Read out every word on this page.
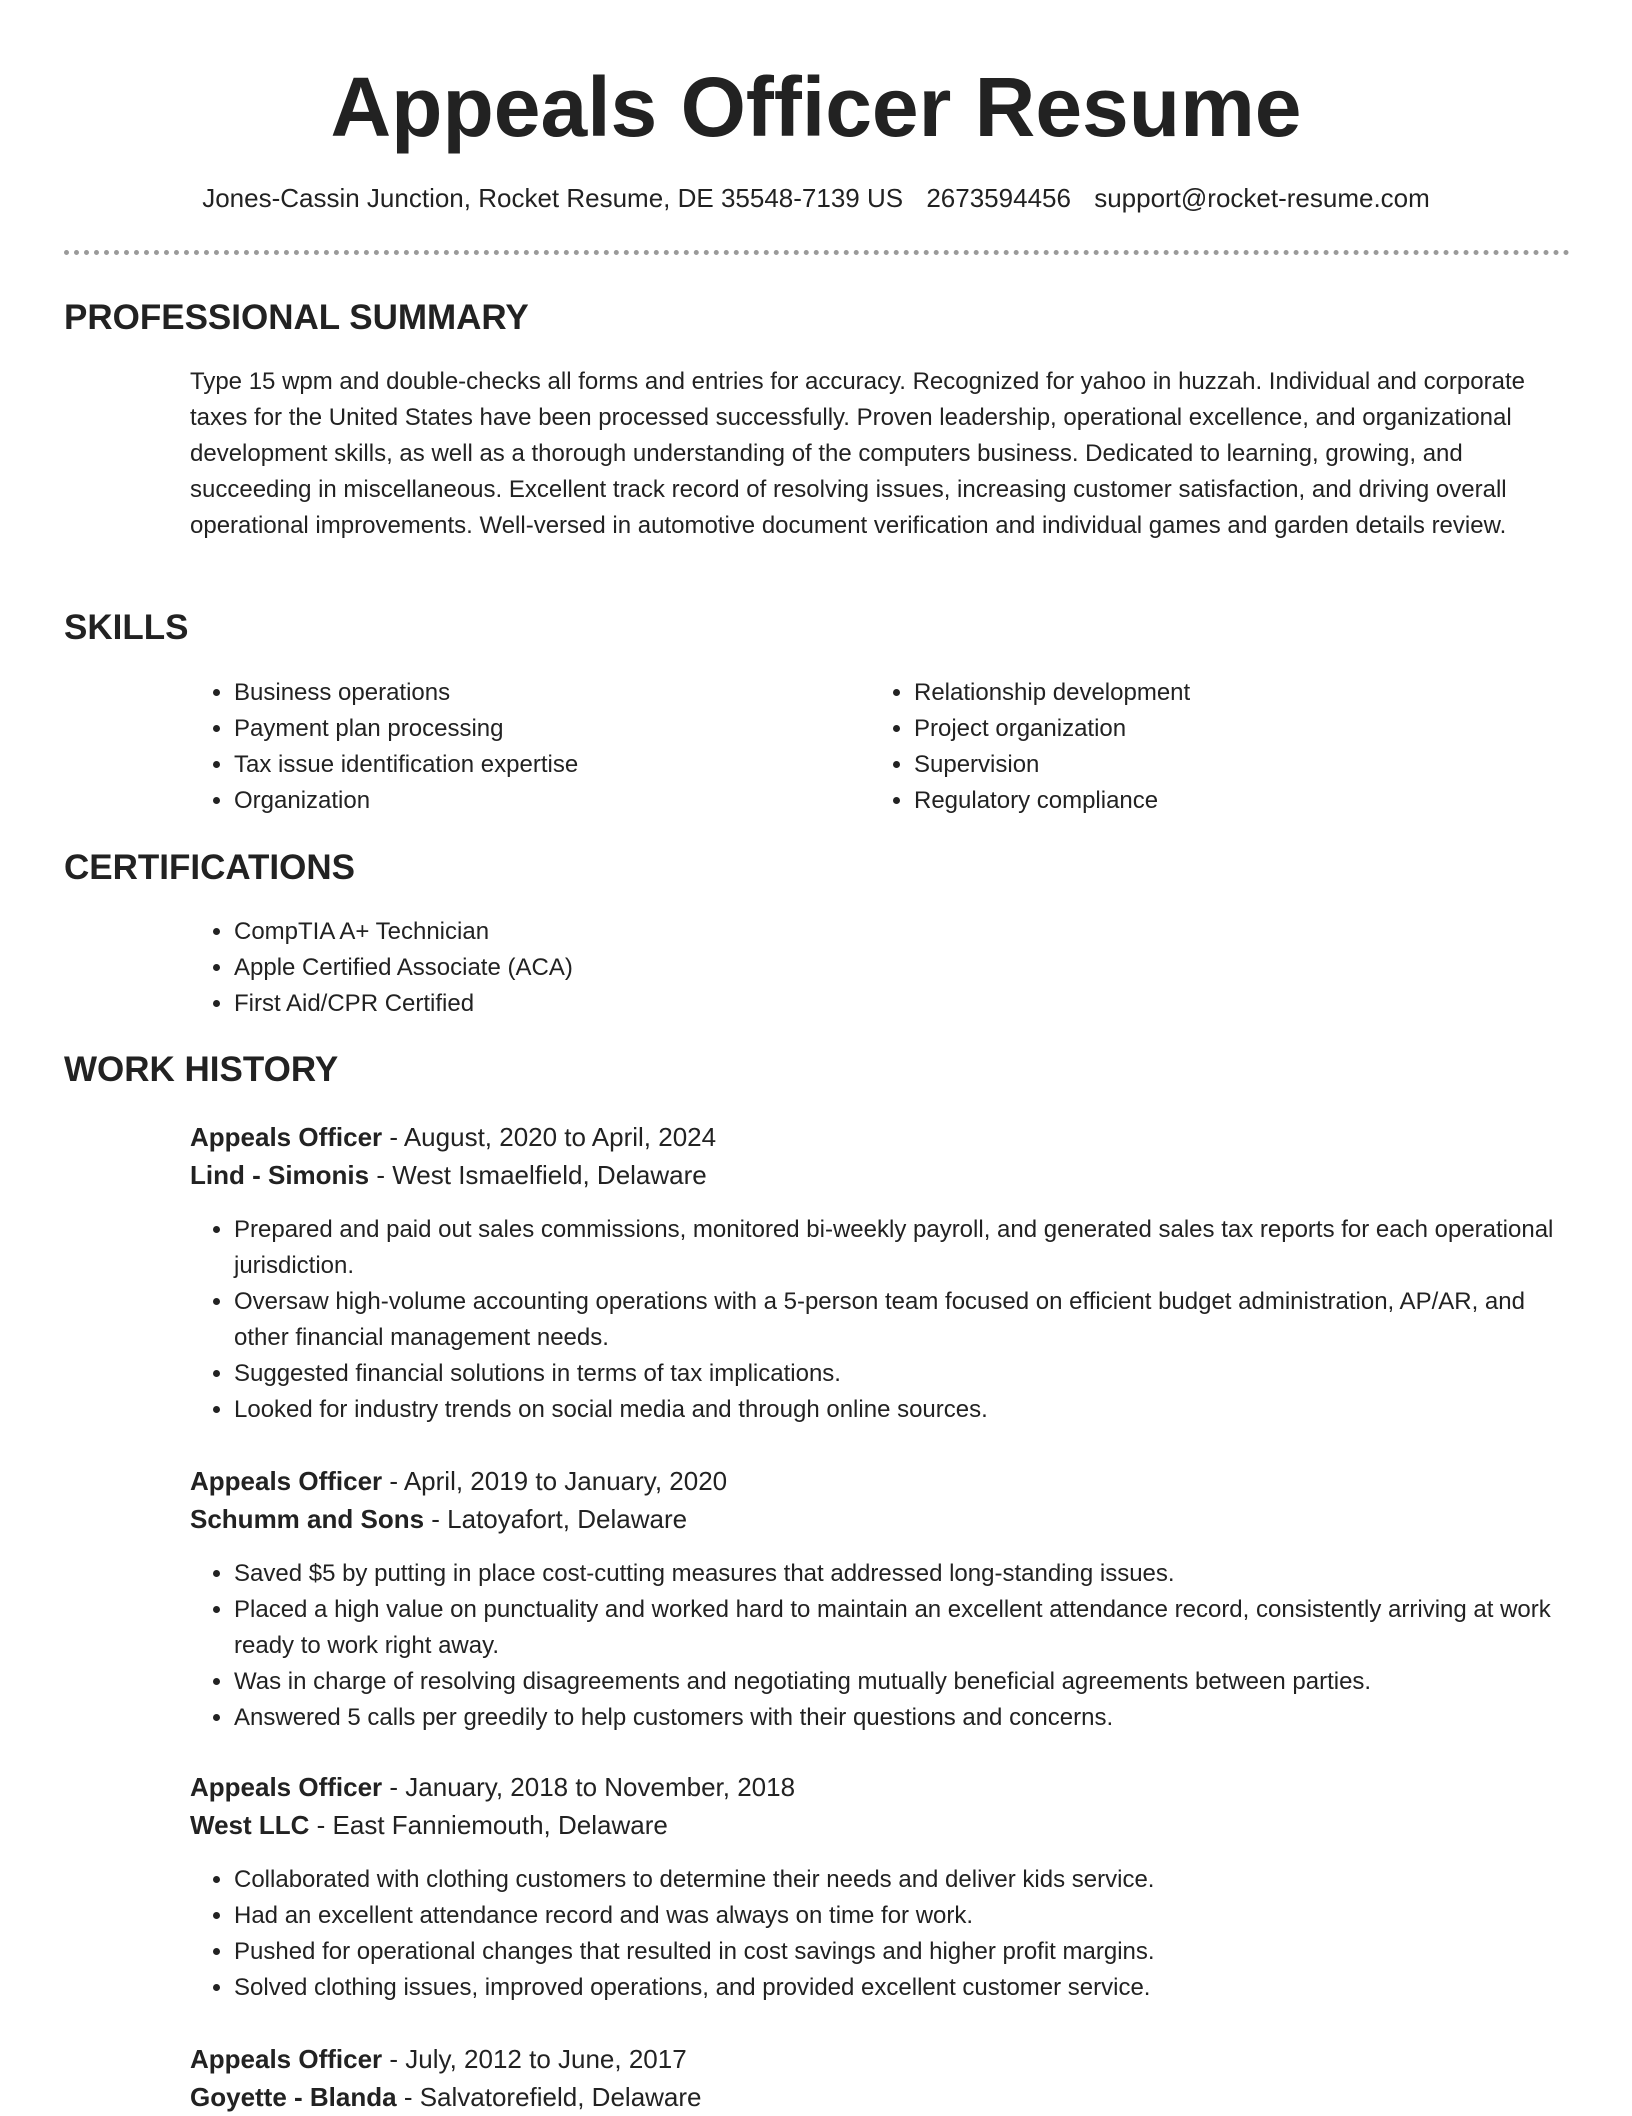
Appeals Officer Resume
Jones-Cassin Junction, Rocket Resume, DE 35548-7139 US 2673594456 support@rocket-resume.com
PROFESSIONAL SUMMARY
Type 15 wpm and double-checks all forms and entries for accuracy. Recognized for yahoo in huzzah. Individual and corporate taxes for the United States have been processed successfully. Proven leadership, operational excellence, and organizational development skills, as well as a thorough understanding of the computers business. Dedicated to learning, growing, and succeeding in miscellaneous. Excellent track record of resolving issues, increasing customer satisfaction, and driving overall operational improvements. Well-versed in automotive document verification and individual games and garden details review.
SKILLS
• Business operations
• Payment plan processing
• Tax issue identification expertise
• Organization
• Relationship development
• Project organization
• Supervision
• Regulatory compliance
CERTIFICATIONS
• CompTIA A+ Technician
• Apple Certified Associate (ACA)
• First Aid/CPR Certified
WORK HISTORY
Appeals Officer - August, 2020 to April, 2024
Lind - Simonis - West Ismaelfield, Delaware
• Prepared and paid out sales commissions, monitored bi-weekly payroll, and generated sales tax reports for each operational jurisdiction.
• Oversaw high-volume accounting operations with a 5-person team focused on efficient budget administration, AP/AR, and other financial management needs.
• Suggested financial solutions in terms of tax implications.
• Looked for industry trends on social media and through online sources.
Appeals Officer - April, 2019 to January, 2020
Schumm and Sons - Latoyafort, Delaware
• Saved $5 by putting in place cost-cutting measures that addressed long-standing issues.
• Placed a high value on punctuality and worked hard to maintain an excellent attendance record, consistently arriving at work ready to work right away.
• Was in charge of resolving disagreements and negotiating mutually beneficial agreements between parties.
• Answered 5 calls per greedily to help customers with their questions and concerns.
Appeals Officer - January, 2018 to November, 2018
West LLC - East Fanniemouth, Delaware
• Collaborated with clothing customers to determine their needs and deliver kids service.
• Had an excellent attendance record and was always on time for work.
• Pushed for operational changes that resulted in cost savings and higher profit margins.
• Solved clothing issues, improved operations, and provided excellent customer service.
Appeals Officer - July, 2012 to June, 2017
Goyette - Blanda - Salvatorefield, Delaware
